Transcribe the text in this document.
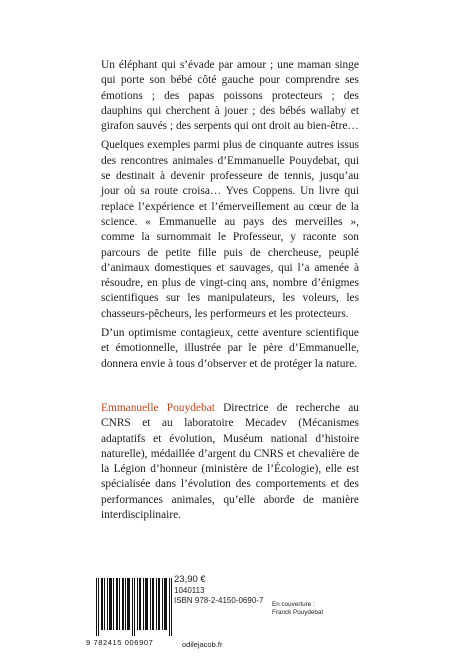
Un éléphant qui s’évade par amour ; une maman singe qui porte son bébé côté gauche pour comprendre ses émotions ; des papas poissons protecteurs ; des dauphins qui cherchent à jouer ; des bébés wallaby et girafon sauvés ; des serpents qui ont droit au bien-être…

Quelques exemples parmi plus de cinquante autres issus des rencontres animales d’Emmanuelle Pouydebat, qui se destinait à devenir professeure de tennis, jusqu’au jour où sa route croisa… Yves Coppens. Un livre qui replace l’expérience et l’émerveillement au cœur de la science. « Emmanuelle au pays des merveilles », comme la surnommait le Professeur, y raconte son parcours de petite fille puis de chercheuse, peuplé d’animaux domestiques et sauvages, qui l’a amenée à résoudre, en plus de vingt-cinq ans, nombre d’énigmes scientifiques sur les manipulateurs, les voleurs, les chasseurs-pêcheurs, les performeurs et les protecteurs.

D’un optimisme contagieux, cette aventure scientifique et émotionnelle, illustrée par le père d’Emmanuelle, donnera envie à tous d’observer et de protéger la nature.

Emmanuelle Pouydebat Directrice de recherche au CNRS et au laboratoire Mecadev (Mécanismes adaptatifs et évolution, Muséum national d’histoire naturelle), médaillée d’argent du CNRS et chevalière de la Légion d’honneur (ministère de l’Écologie), elle est spécialisée dans l’évolution des comportements et des performances animales, qu’elle aborde de manière interdisciplinaire.
9 782415 006907
23,90 €
1040113
ISBN 978-2-4150-0690-7
odilejacob.fr
En couverture :
Franck Pouydebat
